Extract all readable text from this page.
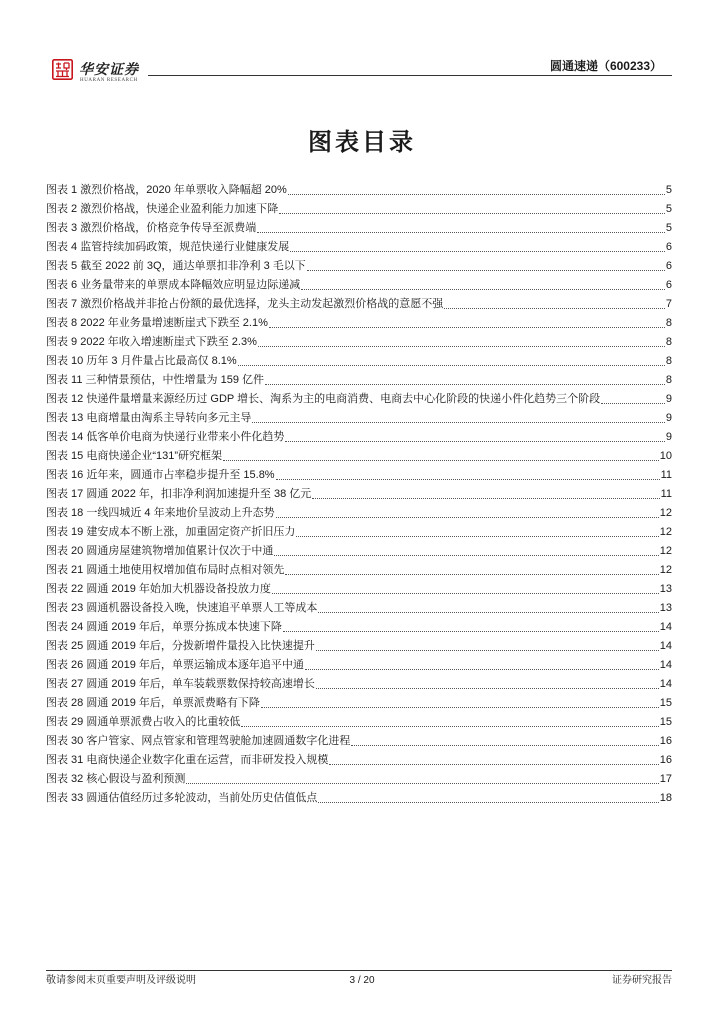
华安证券
HUARAN RESEARCH
圆通速递（600233）
图表目录
图表 1 激烈价格战，2020 年单票收入降幅超 20%	5
图表 2 激烈价格战，快递企业盈利能力加速下降	5
图表 3 激烈价格战，价格竞争传导至派费端	5
图表 4 监管持续加码政策，规范快递行业健康发展	6
图表 5 截至 2022 前 3Q，通达单票扣非净利 3 毛以下	6
图表 6 业务量带来的单票成本降幅效应明显边际递减	6
图表 7 激烈价格战并非抢占份额的最优选择，龙头主动发起激烈价格战的意愿不强	7
图表 8 2022 年业务量增速断崖式下跌至 2.1%	8
图表 9 2022 年收入增速断崖式下跌至 2.3%	8
图表 10 历年 3 月件量占比最高仅 8.1%	8
图表 11 三种情景预估，中性增量为 159 亿件	8
图表 12 快递件量增量来源经历过 GDP 增长、淘系为主的电商消费、电商去中心化阶段的快递小件化趋势三个阶段	9
图表 13 电商增量由淘系主导转向多元主导	9
图表 14 低客单价电商为快递行业带来小件化趋势	9
图表 15 电商快递企业“131”研究框架	10
图表 16 近年来，圆通市占率稳步提升至 15.8%	11
图表 17 圆通 2022 年，扣非净利润加速提升至 38 亿元	11
图表 18 一线四城近 4 年来地价呈波动上升态势	12
图表 19 建安成本不断上涨，加重固定资产折旧压力	12
图表 20 圆通房屋建筑物增加值累计仅次于中通	12
图表 21 圆通土地使用权增加值布局时点相对领先	12
图表 22 圆通 2019 年始加大机器设备投放力度	13
图表 23 圆通机器设备投入晚，快速追平单票人工等成本	13
图表 24 圆通 2019 年后，单票分拣成本快速下降	14
图表 25 圆通 2019 年后，分拨新增件量投入比快速提升	14
图表 26 圆通 2019 年后，单票运输成本逐年追平中通	14
图表 27 圆通 2019 年后，单车装载票数保持较高速增长	14
图表 28 圆通 2019 年后，单票派费略有下降	15
图表 29 圆通单票派费占收入的比重较低	15
图表 30 客户管家、网点管家和管理驾驶舱加速圆通数字化进程	16
图表 31 电商快递企业数字化重在运营，而非研发投入规模	16
图表 32 核心假设与盈利预测	17
图表 33 圆通估值经历过多轮波动，当前处历史估值低点	18
敬请参阅末页重要声明及评级说明	3 / 20	证券研究报告
